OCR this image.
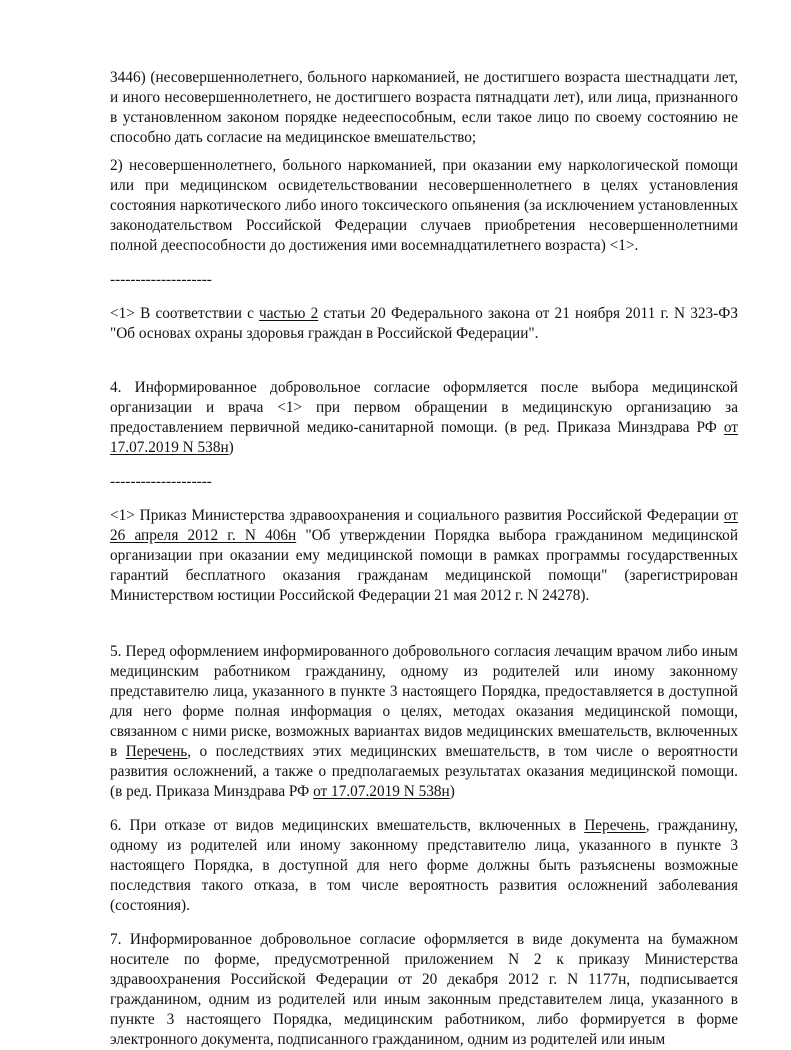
3446) (несовершеннолетнего, больного наркоманией, не достигшего возраста шестнадцати лет, и иного несовершеннолетнего, не достигшего возраста пятнадцати лет), или лица, признанного в установленном законом порядке недееспособным, если такое лицо по своему состоянию не способно дать согласие на медицинское вмешательство;

2) несовершеннолетнего, больного наркоманией, при оказании ему наркологической помощи или при медицинском освидетельствовании несовершеннолетнего в целях установления состояния наркотического либо иного токсического опьянения (за исключением установленных законодательством Российской Федерации случаев приобретения несовершеннолетними полной дееспособности до достижения ими восемнадцатилетнего возраста) <1>.

--------------------

<1> В соответствии с частью 2 статьи 20 Федерального закона от 21 ноября 2011 г. N 323-ФЗ "Об основах охраны здоровья граждан в Российской Федерации".

4. Информированное добровольное согласие оформляется после выбора медицинской организации и врача <1> при первом обращении в медицинскую организацию за предоставлением первичной медико-санитарной помощи. (в ред. Приказа Минздрава РФ от 17.07.2019 N 538н)

--------------------

<1> Приказ Министерства здравоохранения и социального развития Российской Федерации от 26 апреля 2012 г. N 406н "Об утверждении Порядка выбора гражданином медицинской организации при оказании ему медицинской помощи в рамках программы государственных гарантий бесплатного оказания гражданам медицинской помощи" (зарегистрирован Министерством юстиции Российской Федерации 21 мая 2012 г. N 24278).

5. Перед оформлением информированного добровольного согласия лечащим врачом либо иным медицинским работником гражданину, одному из родителей или иному законному представителю лица, указанного в пункте 3 настоящего Порядка, предоставляется в доступной для него форме полная информация о целях, методах оказания медицинской помощи, связанном с ними риске, возможных вариантах видов медицинских вмешательств, включенных в Перечень, о последствиях этих медицинских вмешательств, в том числе о вероятности развития осложнений, а также о предполагаемых результатах оказания медицинской помощи. (в ред. Приказа Минздрава РФ от 17.07.2019 N 538н)

6. При отказе от видов медицинских вмешательств, включенных в Перечень, гражданину, одному из родителей или иному законному представителю лица, указанного в пункте 3 настоящего Порядка, в доступной для него форме должны быть разъяснены возможные последствия такого отказа, в том числе вероятность развития осложнений заболевания (состояния).

7. Информированное добровольное согласие оформляется в виде документа на бумажном носителе по форме, предусмотренной приложением N 2 к приказу Министерства здравоохранения Российской Федерации от 20 декабря 2012 г. N 1177н, подписывается гражданином, одним из родителей или иным законным представителем лица, указанного в пункте 3 настоящего Порядка, медицинским работником, либо формируется в форме электронного документа, подписанного гражданином, одним из родителей или иным
